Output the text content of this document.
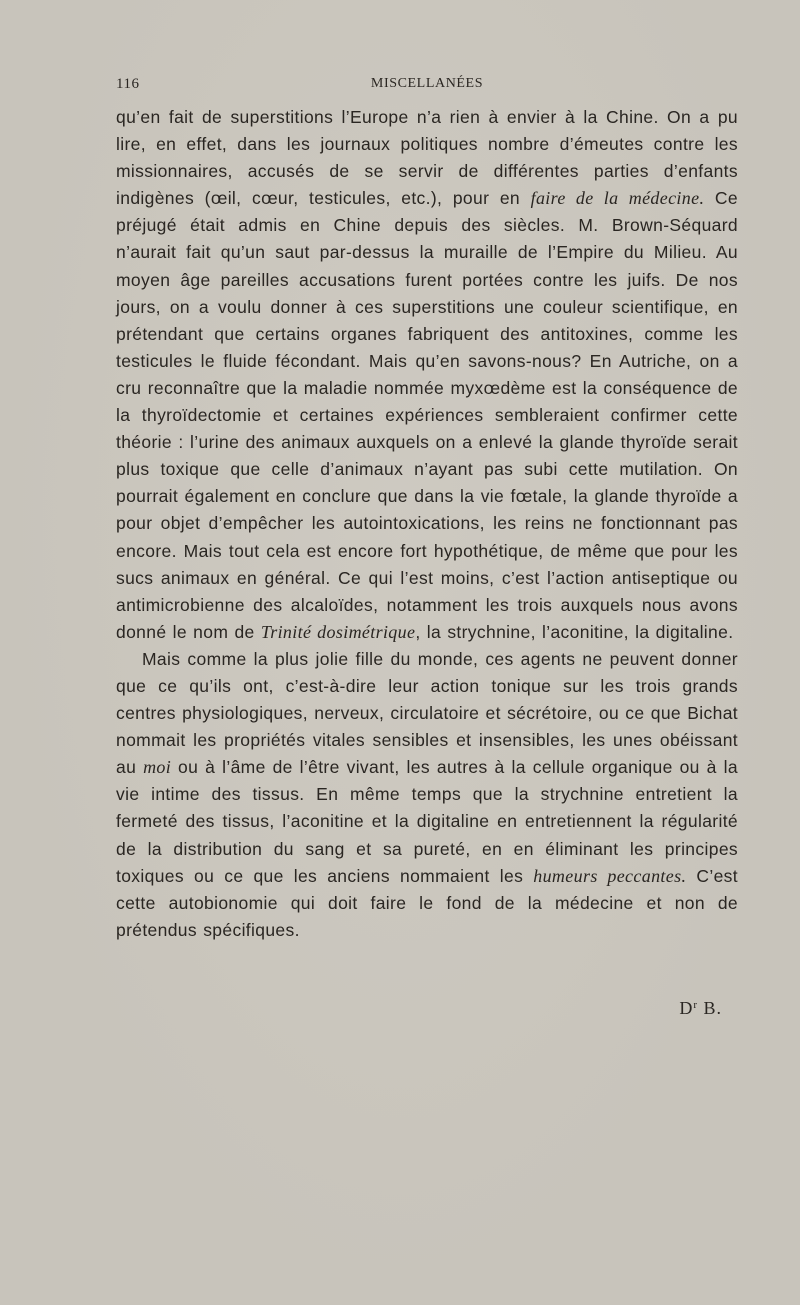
116	MISCELLANÉES

qu’en fait de superstitions l’Europe n’a rien à envier à la Chine. On a pu lire, en effet, dans les journaux politiques nombre d’émeutes contre les missionnaires, accusés de se servir de différentes parties d’enfants indigènes (œil, cœur, testicules, etc.), pour en faire de la médecine. Ce préjugé était admis en Chine depuis des siècles. M. Brown-Séquard n’aurait fait qu’un saut par-dessus la muraille de l’Empire du Milieu. Au moyen âge pareilles accusations furent portées contre les juifs. De nos jours, on a voulu donner à ces superstitions une couleur scientifique, en prétendant que certains organes fabriquent des antitoxines, comme les testicules le fluide fécondant. Mais qu’en savons-nous? En Autriche, on a cru reconnaître que la maladie nommée myxœdème est la conséquence de la thyroïdectomie et certaines expériences sembleraient confirmer cette théorie : l’urine des animaux auxquels on a enlevé la glande thyroïde serait plus toxique que celle d’animaux n’ayant pas subi cette mutilation. On pourrait également en conclure que dans la vie fœtale, la glande thyroïde a pour objet d’empêcher les autointoxications, les reins ne fonctionnant pas encore. Mais tout cela est encore fort hypothétique, de même que pour les sucs animaux en général. Ce qui l’est moins, c’est l’action antiseptique ou antimicrobienne des alcaloïdes, notamment les trois auxquels nous avons donné le nom de Trinité dosimétrique, la strychnine, l’aconitine, la digitaline.

Mais comme la plus jolie fille du monde, ces agents ne peuvent donner que ce qu’ils ont, c’est-à-dire leur action tonique sur les trois grands centres physiologiques, nerveux, circulatoire et sécrétoire, ou ce que Bichat nommait les propriétés vitales sensibles et insensibles, les unes obéissant au moi ou à l’âme de l’être vivant, les autres à la cellule organique ou à la vie intime des tissus. En même temps que la strychnine entretient la fermeté des tissus, l’aconitine et la digitaline en entretiennent la régularité de la distribution du sang et sa pureté, en en éliminant les principes toxiques ou ce que les anciens nommaient les humeurs peccantes. C’est cette autobionomie qui doit faire le fond de la médecine et non de prétendus spécifiques.

$D^r$ B.
